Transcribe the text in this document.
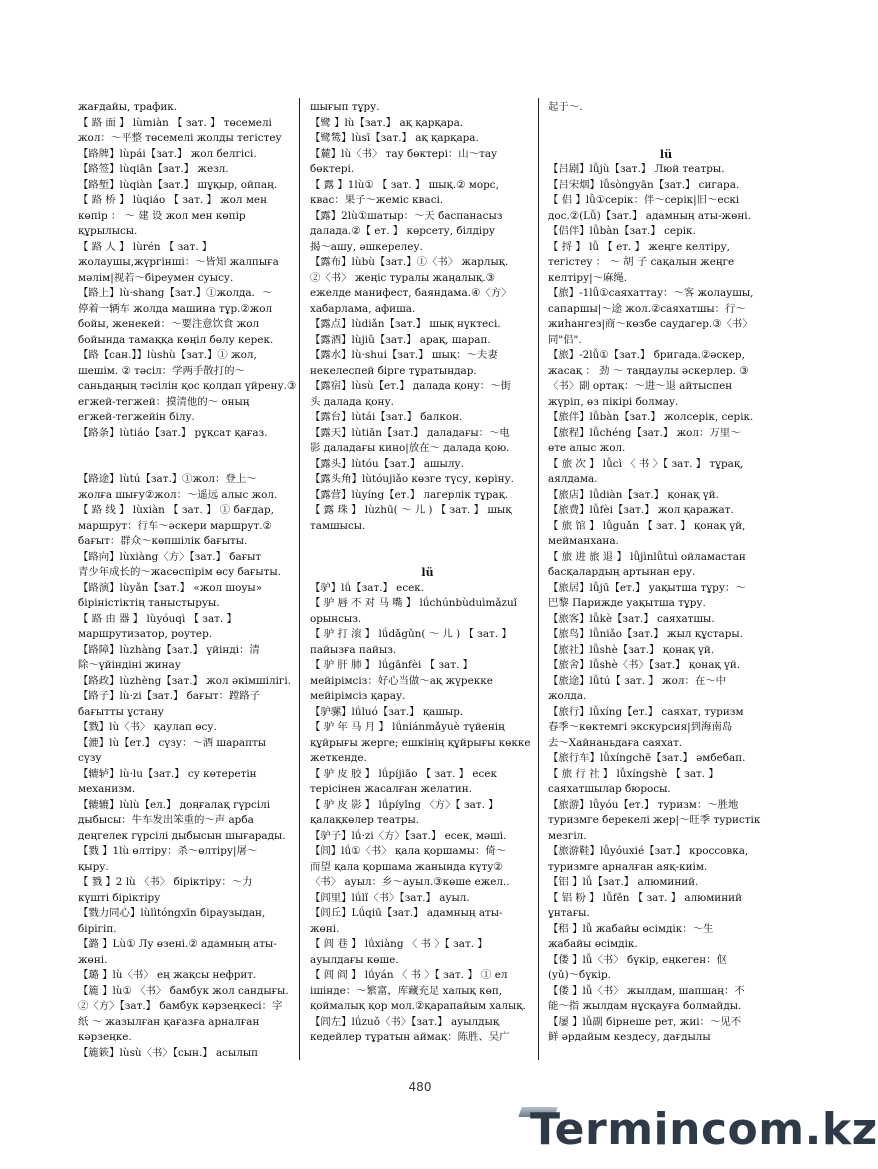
жағдайы, трафик.
【 路 面 】 lùmiàn 【 зат. 】 төсемелі
жол：～平整 төсемелі жолды тегістеу
【路牌】lùpái【зат.】 жол белгісі.
【路签】lùqiān【зат.】 жезл.
【路堑】lùqiàn【зат.】 шұқыр, ойпаң.
【 路 桥 】 lùqiáo 【 зат. 】 жол мен
көпір ： ～ 建 设 жол мен көпір
құрылысы.
【 路 人 】 lùrén 【 зат. 】
жолаушы,жүргінші：～皆知 жалпыға
мәлім|视若～біреумен суысу.
【路上】lù·shang【зат.】①жолда．～
停着一辆车 жолда машина тұр.②жол
бойы, женекей：～要注意饮食 жол
бойында тамаққа көңіл бөлу керек.
【路【сан.】】lùshù【зат.】① жол,
шешім. ② тәсіл：学两手散打的～
саньдаңың тәсілін қос қолдап үйрену.③
егжей-тегжей：摸清他的～ оның
егжей-тегжейін білу.
【路条】lùtiáo【зат.】 рұқсат қағаз.
【路途】lùtú【зат.】①жол：登上～
жолға шығу②жол：～遥远 алыс жол.
【 路 线 】 lùxiàn 【 зат. 】 ① бағдар,
маршрут：行车～әскери маршрут.②
бағыт：群众～көпшілік бағыты.
【路向】lùxiàng〈方〉【зат.】 бағыт
青少年成长的～жасөспірім өсу бағыты.
【路演】lùyǎn【зат.】 «жол шоуы»
біріністіктің таныстыруы.
【 路 由 器 】 lùyóuqì 【 зат. 】
маршрутизатор, роутер.
【路障】lùzhàng【зат.】 үйінді：清
除～үйіндіні жинау
【路政】lùzhèng【зат.】 жол әкімшілігі.
【路子】lù·zi【зат.】 бағыт：蹚路子
бағытты ұстану
【戮】lù〈书〉 қаулап өсу.
【漉】lù【ет.】 сүзу：～酒 шарапты
сүзу
【辘轳】lù·lu【зат.】 су көтеретін
механизм.
【辘辘】lùlù【ел.】 доңғалақ гүрсілі
дыбысы：牛车发出笨重的～声 арба
деңгелек гүрсілі дыбысын шығарады.
【戮 】1lù өлтіру：杀～өлтіру|屠～
қыру.
【 戮 】2 lù 〈书〉 біріктіру：～力
күшті біріктіру
【戮力同心】lùlìtóngxīn біраузыдан,
бірігіп.
【潞 】Lù① Лу өзені.② адамның аты-
жөні.
【璐 】lù〈书〉 ең жақсы нефрит.
【簏 】lù① 〈书〉 бамбук жол сандығы.
②〈方〉【зат.】 бамбук кәрзеңкесі：字
纸 ～ жазылған қағазға арналған
кәрзеңке.
【簏簌】lùsù〈书〉【сын.】 асылып
шығып тұру.
【鹭 】lù【зат.】 ақ қарқара.
【鹭鸶】lùsī【зат.】 ақ қарқара.
【麓】lù〈书〉 тау бөктері：山～тау
бөктері.
【 露 】1lù① 【 зат. 】 шық.② морс,
квас：果子～жеміс квасі.
【露】2lù①шатыр：～天 баспанасыз
далада.②【 ет. 】 көрсету, білдіру
揭～ашу, әшкерелеу.
【露布】lùbù【зат.】①〈书〉 жарлық.
②〈书〉 жеңіс туралы жаңалық.③
ежелде манифест, баяндама.④〈方〉
хабарлама, афиша.
【露点】lùdiǎn【зат.】 шық нүктесі.
【露酒】lùjiǔ【зат.】 арақ, шарап.
【露水】lù·shui【зат.】 шық：～夫妻
некелеспей бірге тұратындар.
【露宿】lùsù【ет.】 далада қону：～街
头 далада қону.
【露台】lùtái【зат.】 балкон.
【露天】lùtiān【зат.】 даладағы：～电
影 даладағы кино|放在～ далада қою.
【露头】lùtóu【зат.】 ашылу.
【露头角】lùtóujiǎo көзге түсу, көріну.
【露营】lùyíng【ет.】 лагерлік тұрақ.
【 露 珠 】 lùzhū( ～ 儿 ) 【 зат. 】 шық
тамшысы.
lü
【驴】lǘ【зат.】 есек.
【 驴 唇 不 对 马 嘴 】 lǘchúnbùduìmǎzuǐ
орынсыз.
【 驴 打 滚 】 lǘdǎgǔn( ～ 儿 ) 【 зат. 】
пайызға пайыз.
【 驴 肝 肺 】 lǘgānfèi 【 зат. 】
мейірімсіз：好心当做～ақ жүрекке
мейірімсіз қарау.
【驴骡】lǘluó【зат.】 қашыр.
【 驴 年 马 月 】 lǘniánmǎyuè түйенің
құйрығы жерге; ешкінің құйрығы көкке
жеткенде.
【 驴 皮 胶 】 lǘpíjiāo 【 зат. 】 есек
терісінен жасалған желатин.
【 驴 皮 影 】 lǘpíyǐng 〈方〉【 зат. 】
қалақкөлер театры.
【驴子】lǘ·zi〈方〉【зат.】 есек, мәші.
【闾】lǘ①〈书〉 қала қоршамы：倚～
而望 қала қоршама жанында күту②
〈书〉 ауыл：乡～ауыл.③көше ежел..
【闾里】lǘlǐ〈书〉【зат.】 ауыл.
【闾丘】Lǘqiū【зат.】 адамның аты-
жөні.
【 闾 巷 】 lǘxiàng 〈 书 〉【 зат. 】
ауылдағы көше.
【 闾 阎 】 lǘyán 〈 书 〉【 зат. 】 ① ел
ішінде：～繁富，库藏充足 халық көп,
қоймалық қор мол.②қарапайым халық.
【闾左】lǘzuǒ〈书〉【зат.】 ауылдық
кедейлер тұратын аймақ：陈胜、吴广
起于～.
lü
【吕剧】lǚjù【зат.】 Люй театры.
【吕宋烟】lǚsòngyān【зат.】 сигара.
【 侣 】lǚ①серік：伴～серік|旧～ескі
дос.②(Lǚ)【зат.】 адамның аты-жөні.
【侣伴】lǚbàn【зат.】 серік.
【 捋 】 lǚ 【 ет. 】 жеңге келтіру,
тегістеу ： ～ 胡 子 сақалын жеңге
келтіру|～麻绳.
【旅】-1lǚ①саяхаттау：～客 жолаушы,
сапаршы|～途 жол.②саяхатшы：行～
жиһангез|商～көзбе саудагер.③〈书〉
同"侣".
【旅】-2lǚ①【зат.】 бригада.②әскер,
жасақ ： 劲 ～ таңдаулы әскерлер. ③
〈书〉副 ортақ：～进～退 айтыспен
жүріп, өз пікірі болмау.
【旅伴】lǚbàn【зат.】 жолсерік, серік.
【旅程】lǚchéng【зат.】 жол：万里～
өте алыс жол.
【 旅 次 】 lǚcì 〈 书 〉【 зат. 】 тұрақ,
аялдама.
【旅店】lǚdiàn【зат.】 қонақ үй.
【旅费】lǚfèi【зат.】 жол қаражат.
【 旅 馆 】 lǚguǎn 【 зат. 】 қонақ үй,
мейманхана.
【 旅 进 旅 退 】 lǚjìnlǚtuì ойламастан
басқалардың артынан еру.
【旅居】lǚjū【ет.】 уақытша тұру：～
巴黎 Парижде уақытша тұру.
【旅客】lǚkè【зат.】 саяхатшы.
【旅鸟】lǚniǎo【зат.】 жыл құстары.
【旅社】lǚshè【зат.】 қонақ үй.
【旅舍】lǚshè〈书〉【зат.】 қонақ үй.
【旅途】lǚtú【 зат. 】 жол：在～中
жолда.
【旅行】lǚxíng【ет.】 саяхат, туризм
春季～көктемгі экскурсия|到海南岛
去～Хайнаньдаға саяхат.
【旅行车】lǚxíngchē【зат.】 әмбебап.
【 旅 行 社 】 lǚxíngshè 【 зат. 】
саяхатшылар бюросы.
【旅游】lǚyóu【ет.】 туризм：～胜地
туризмге берекелі жер|～旺季 туристік
мезгіл.
【旅游鞋】lǚyóuxié【зат.】 кроссовка,
туризмге арналған аяқ-киім.
【铝 】lǚ【зат.】 алюминий.
【 铝 粉 】 lǚfěn 【 зат. 】 алюминий
ұнтағы.
【稆 】lǚ жабайы өсімдік：～生
жабайы өсімдік.
【偻 】lǚ〈书〉 бүкір, еңкеген：伛
(yǔ)～бүкір.
【偻 】lǚ〈书〉 жылдам, шапшаң：不
能～指 жылдам нұсқауға болмайды.
【屡 】lǚ副 бірнеше рет, жиі：～见不
鲜 әрдайым кездесу, дағдылы
480
Termincom.kz
